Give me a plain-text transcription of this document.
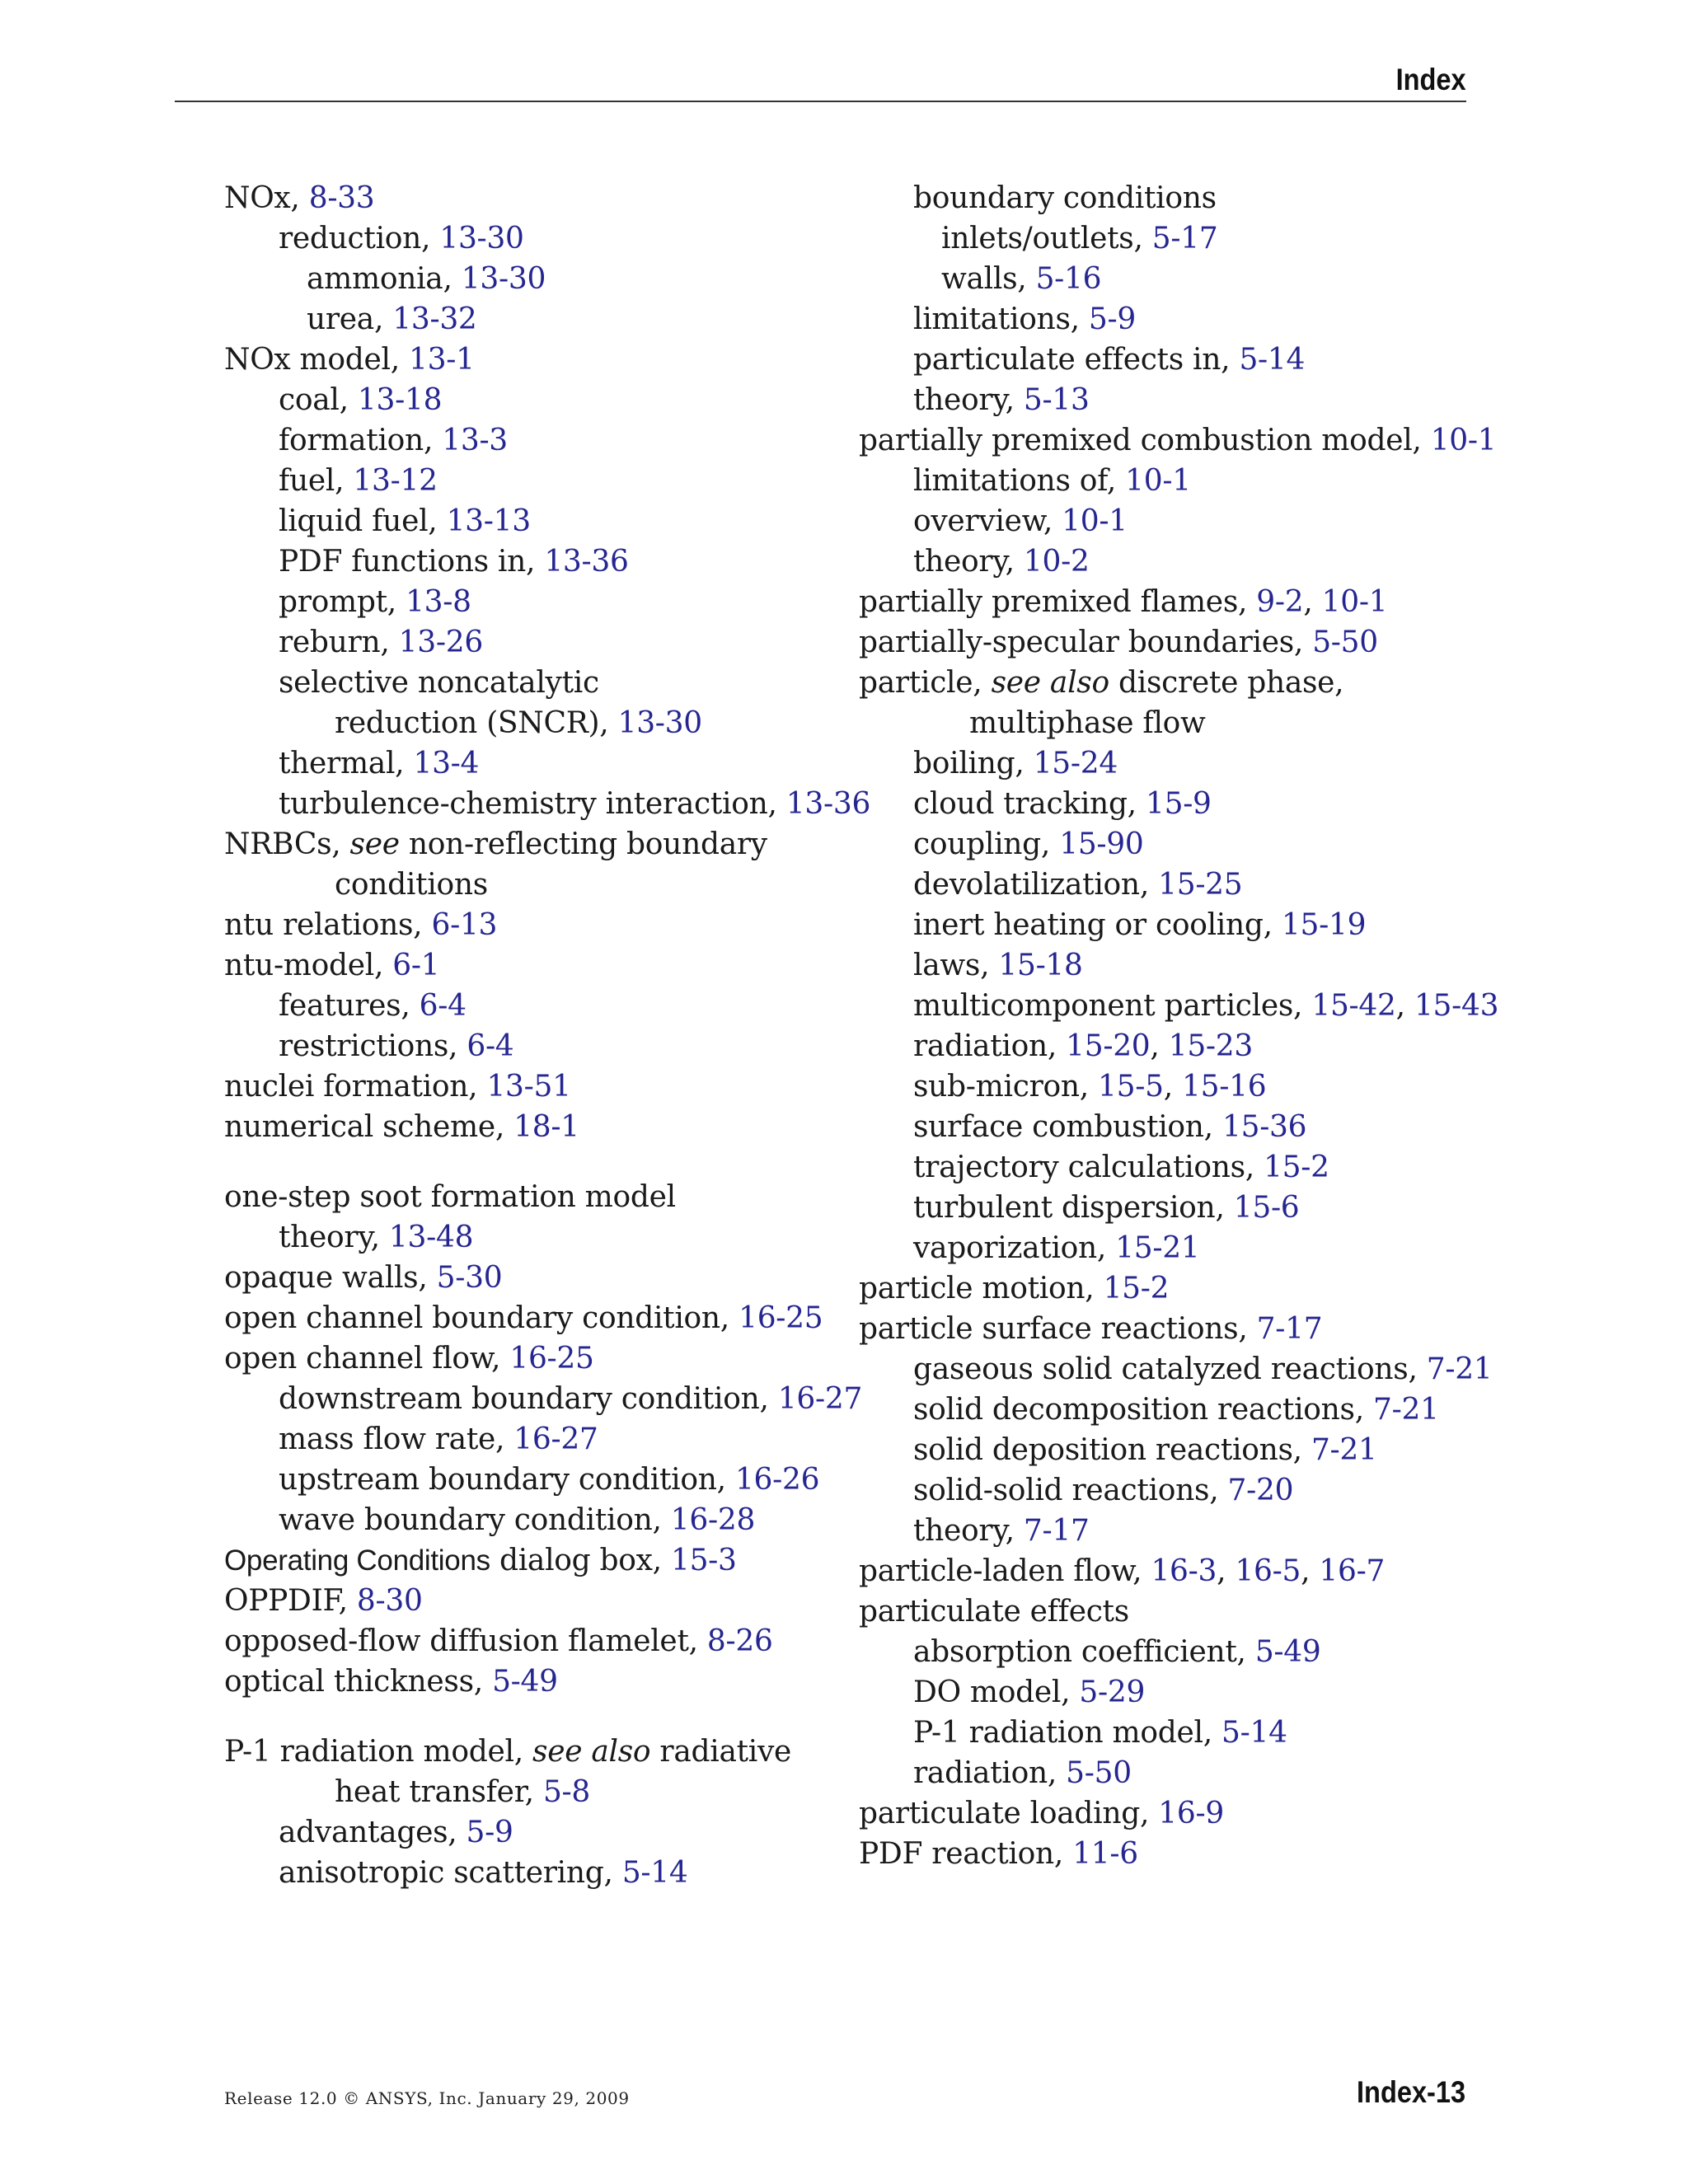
Index
NOx, 8-33
reduction, 13-30
ammonia, 13-30
urea, 13-32
NOx model, 13-1
coal, 13-18
formation, 13-3
fuel, 13-12
liquid fuel, 13-13
PDF functions in, 13-36
prompt, 13-8
reburn, 13-26
selective noncatalytic
reduction (SNCR), 13-30
thermal, 13-4
turbulence-chemistry interaction, 13-36
NRBCs, see non-reflecting boundary
conditions
ntu relations, 6-13
ntu-model, 6-1
features, 6-4
restrictions, 6-4
nuclei formation, 13-51
numerical scheme, 18-1
one-step soot formation model
theory, 13-48
opaque walls, 5-30
open channel boundary condition, 16-25
open channel flow, 16-25
downstream boundary condition, 16-27
mass flow rate, 16-27
upstream boundary condition, 16-26
wave boundary condition, 16-28
Operating Conditions dialog box, 15-3
OPPDIF, 8-30
opposed-flow diffusion flamelet, 8-26
optical thickness, 5-49
P-1 radiation model, see also radiative
heat transfer, 5-8
advantages, 5-9
anisotropic scattering, 5-14
boundary conditions
inlets/outlets, 5-17
walls, 5-16
limitations, 5-9
particulate effects in, 5-14
theory, 5-13
partially premixed combustion model, 10-1
limitations of, 10-1
overview, 10-1
theory, 10-2
partially premixed flames, 9-2, 10-1
partially-specular boundaries, 5-50
particle, see also discrete phase,
multiphase flow
boiling, 15-24
cloud tracking, 15-9
coupling, 15-90
devolatilization, 15-25
inert heating or cooling, 15-19
laws, 15-18
multicomponent particles, 15-42, 15-43
radiation, 15-20, 15-23
sub-micron, 15-5, 15-16
surface combustion, 15-36
trajectory calculations, 15-2
turbulent dispersion, 15-6
vaporization, 15-21
particle motion, 15-2
particle surface reactions, 7-17
gaseous solid catalyzed reactions, 7-21
solid decomposition reactions, 7-21
solid deposition reactions, 7-21
solid-solid reactions, 7-20
theory, 7-17
particle-laden flow, 16-3, 16-5, 16-7
particulate effects
absorption coefficient, 5-49
DO model, 5-29
P-1 radiation model, 5-14
radiation, 5-50
particulate loading, 16-9
PDF reaction, 11-6
Release 12.0 © ANSYS, Inc. January 29, 2009	Index-13
